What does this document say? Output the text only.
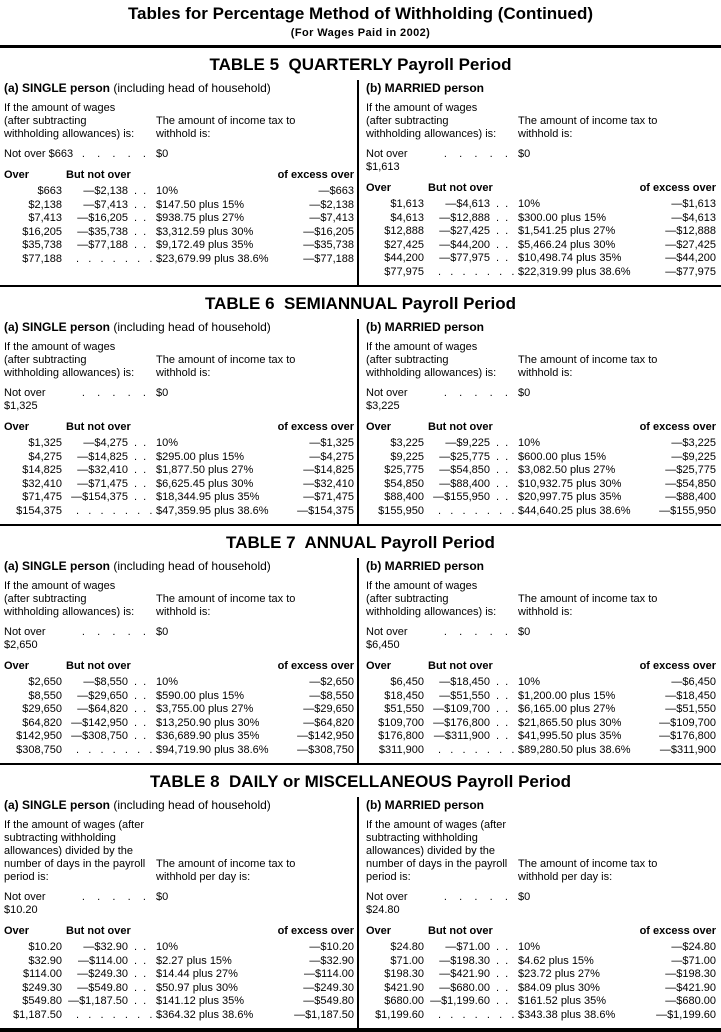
Tables for Percentage Method of Withholding (Continued)
(For Wages Paid in 2002)
TABLE 5  QUARTERLY Payroll Period
(a) SINGLE person (including head of household)
If the amount of wages (after subtracting withholding allowances) is:
The amount of income tax to withhold is:
Not over $663 .    .    .    .    . $0
Over	But not over	of excess over
$663	—$2,138 .  . 10%	—$663
$2,138	—$7,413 .  . $147.50 plus 15%	—$2,138
$7,413	—$16,205 .  . $938.75 plus 27%	—$7,413
$16,205	—$35,738 .  . $3,312.59 plus 30%	—$16,205
$35,738	—$77,188 .  . $9,172.49 plus 35%	—$35,738
$77,188	.   .   .   .   .   .   . $23,679.99 plus 38.6%	—$77,188
(b) MARRIED person
If the amount of wages (after subtracting withholding allowances) is:
The amount of income tax to withhold is:
Not over $1,613
.    .    .    .    . $0
Over	But not over	of excess over
$1,613	—$4,613 .  . 10%	—$1,613
$4,613	—$12,888 .  . $300.00 plus 15%	—$4,613
$12,888	—$27,425 .  . $1,541.25 plus 27%	—$12,888
$27,425	—$44,200 .  . $5,466.24 plus 30%	—$27,425
$44,200	—$77,975 .  . $10,498.74 plus 35%	—$44,200
$77,975	.   .   .   .   .   .   . $22,319.99 plus 38.6%	—$77,975
TABLE 6  SEMIANNUAL Payroll Period
(a) SINGLE person (including head of household)
If the amount of wages (after subtracting withholding allowances) is:
The amount of income tax to withhold is:
Not over $1,325
.    .    .    .    . $0
Over	But not over	of excess over
$1,325	—$4,275 .  . 10%	—$1,325
$4,275	—$14,825 .  . $295.00 plus 15%	—$4,275
$14,825	—$32,410 .  . $1,877.50 plus 27%	—$14,825
$32,410	—$71,475 .  . $6,625.45 plus 30%	—$32,410
$71,475 —$154,375 .  . $18,344.95 plus 35%	—$71,475
$154,375	.   .   .   .   .   .   . $47,359.95 plus 38.6%	—$154,375
(b) MARRIED person
If the amount of wages (after subtracting withholding allowances) is:
The amount of income tax to withhold is:
Not over $3,225
.    .    .    .    . $0
Over	But not over	of excess over
$3,225	—$9,225 .  . 10%	—$3,225
$9,225	—$25,775 .  . $600.00 plus 15%	—$9,225
$25,775	—$54,850 .  . $3,082.50 plus 27%	—$25,775
$54,850	—$88,400 .  . $10,932.75 plus 30%	—$54,850
$88,400 —$155,950 .  . $20,997.75 plus 35%	—$88,400
$155,950	.   .   .   .   .   .   . $44,640.25 plus 38.6%	—$155,950
TABLE 7  ANNUAL Payroll Period
(a) SINGLE person (including head of household)
If the amount of wages (after subtracting withholding allowances) is:
The amount of income tax to withhold is:
Not over $2,650
.    .    .    .    . $0
Over	But not over	of excess over
$2,650	—$8,550 .  . 10%	—$2,650
$8,550	—$29,650 .  . $590.00 plus 15%	—$8,550
$29,650	—$64,820 .  . $3,755.00 plus 27%	—$29,650
$64,820 —$142,950 .  . $13,250.90 plus 30%	—$64,820
$142,950 —$308,750 .  . $36,689.90 plus 35%	—$142,950
$308,750	.   .   .   .   .   .   . $94,719.90 plus 38.6%	—$308,750
(b) MARRIED person
If the amount of wages (after subtracting withholding allowances) is:
The amount of income tax to withhold is:
Not over $6,450
.    .    .    .    . $0
Over	But not over	of excess over
$6,450	—$18,450 .  . 10%	—$6,450
$18,450	—$51,550 .  . $1,200.00 plus 15%	—$18,450
$51,550 —$109,700 .  . $6,165.00 plus 27%	—$51,550
$109,700 —$176,800 .  . $21,865.50 plus 30%	—$109,700
$176,800 —$311,900 .  . $41,995.50 plus 35%	—$176,800
$311,900	.   .   .   .   .   .   . $89,280.50 plus 38.6%	—$311,900
TABLE 8  DAILY or MISCELLANEOUS Payroll Period
(a) SINGLE person (including head of household)
If the amount of wages (after subtracting withholding allowances) divided by the number of days in the payroll period is:
The amount of income tax to withhold per day is:
Not over $10.20
.    .    .    .    . $0
Over	But not over	of excess over
$10.20	—$32.90 .  . 10%	—$10.20
$32.90	—$114.00 .  . $2.27 plus 15%	—$32.90
$114.00	—$249.30 .  . $14.44 plus 27%	—$114.00
$249.30	—$549.80 .  . $50.97 plus 30%	—$249.30
$549.80 —$1,187.50 .  . $141.12 plus 35%	—$549.80
$1,187.50	.   .   .   .   .   .   . $364.32 plus 38.6%	—$1,187.50
(b) MARRIED person
If the amount of wages (after subtracting withholding allowances) divided by the number of days in the payroll period is:
The amount of income tax to withhold per day is:
Not over $24.80
.    .    .    .    . $0
Over	But not over	of excess over
$24.80	—$71.00 .  . 10%	—$24.80
$71.00	—$198.30 .  . $4.62 plus 15%	—$71.00
$198.30	—$421.90 .  . $23.72 plus 27%	—$198.30
$421.90	—$680.00 .  . $84.09 plus 30%	—$421.90
$680.00 —$1,199.60 .  . $161.52 plus 35%	—$680.00
$1,199.60	.   .   .   .   .   .   . $343.38 plus 38.6%	—$1,199.60
